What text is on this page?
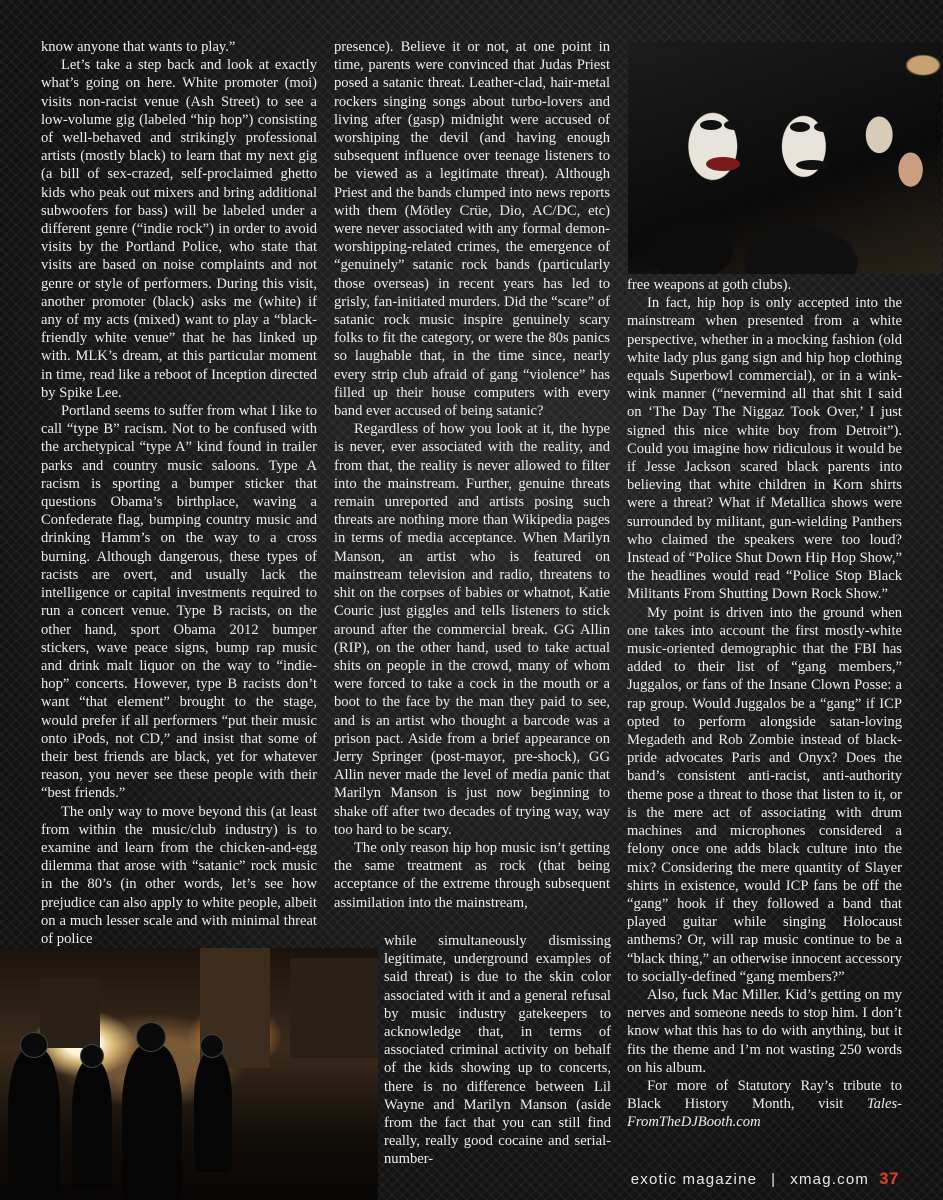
know anyone that wants to play.”

Let’s take a step back and look at exactly what’s going on here. White promoter (moi) visits non-racist venue (Ash Street) to see a low-volume gig (labeled “hip hop”) consisting of well-behaved and strikingly professional artists (mostly black) to learn that my next gig (a bill of sex-crazed, self-proclaimed ghetto kids who peak out mixers and bring additional subwoofers for bass) will be labeled under a different genre (“indie rock”) in order to avoid visits by the Portland Police, who state that visits are based on noise complaints and not genre or style of performers. During this visit, another promoter (black) asks me (white) if any of my acts (mixed) want to play a “black-friendly white venue” that he has linked up with. MLK’s dream, at this particular moment in time, read like a reboot of Inception directed by Spike Lee.

Portland seems to suffer from what I like to call “type B” racism. Not to be confused with the archetypical “type A” kind found in trailer parks and country music saloons. Type A racism is sporting a bumper sticker that questions Obama’s birthplace, waving a Confederate flag, bumping country music and drinking Hamm’s on the way to a cross burning. Although dangerous, these types of racists are overt, and usually lack the intelligence or capital investments required to run a concert venue. Type B racists, on the other hand, sport Obama 2012 bumper stickers, wave peace signs, bump rap music and drink malt liquor on the way to “indie-hop” concerts. However, type B racists don’t want “that element” brought to the stage, would prefer if all performers “put their music onto iPods, not CD,” and insist that some of their best friends are black, yet for whatever reason, you never see these people with their “best friends.”

The only way to move beyond this (at least from within the music/club industry) is to examine and learn from the chicken-and-egg dilemma that arose with “satanic” rock music in the 80’s (in other words, let’s see how prejudice can also apply to white people, albeit on a much lesser scale and with minimal threat of police

presence). Believe it or not, at one point in time, parents were convinced that Judas Priest posed a satanic threat. Leather-clad, hair-metal rockers singing songs about turbo-lovers and living after (gasp) midnight were accused of worshiping the devil (and having enough subsequent influence over teenage listeners to be viewed as a legitimate threat). Although Priest and the bands clumped into news reports with them (Mötley Crüe, Dio, AC/DC, etc) were never associated with any formal demon-worshipping-related crimes, the emergence of “genuinely” satanic rock bands (particularly those overseas) in recent years has led to grisly, fan-initiated murders. Did the “scare” of satanic rock music inspire genuinely scary folks to fit the category, or were the 80s panics so laughable that, in the time since, nearly every strip club afraid of gang “violence” has filled up their house computers with every band ever accused of being satanic?

Regardless of how you look at it, the hype is never, ever associated with the reality, and from that, the reality is never allowed to filter into the mainstream. Further, genuine threats remain unreported and artists posing such threats are nothing more than Wikipedia pages in terms of media acceptance. When Marilyn Manson, an artist who is featured on mainstream television and radio, threatens to shit on the corpses of babies or whatnot, Katie Couric just giggles and tells listeners to stick around after the commercial break. GG Allin (RIP), on the other hand, used to take actual shits on people in the crowd, many of whom were forced to take a cock in the mouth or a boot to the face by the man they paid to see, and is an artist who thought a barcode was a prison pact. Aside from a brief appearance on Jerry Springer (post-mayor, pre-shock), GG Allin never made the level of media panic that Marilyn Manson is just now beginning to shake off after two decades of trying way, way too hard to be scary.

The only reason hip hop music isn’t getting the same treatment as rock (that being acceptance of the extreme through subsequent assimilation into the mainstream,

while simultaneously dismissing legitimate, underground examples of said threat) is due to the skin color associated with it and a general refusal by music industry gatekeepers to acknowledge that, in terms of associated criminal activity on behalf of the kids showing up to concerts, there is no difference between Lil Wayne and Marilyn Manson (aside from the fact that you can still find really, really good cocaine and serial-number-

free weapons at goth clubs).

In fact, hip hop is only accepted into the mainstream when presented from a white perspective, whether in a mocking fashion (old white lady plus gang sign and hip hop clothing equals Superbowl commercial), or in a wink-wink manner (“nevermind all that shit I said on ‘The Day The Niggaz Took Over,’ I just signed this nice white boy from Detroit”). Could you imagine how ridiculous it would be if Jesse Jackson scared black parents into believing that white children in Korn shirts were a threat? What if Metallica shows were surrounded by militant, gun-wielding Panthers who claimed the speakers were too loud? Instead of “Police Shut Down Hip Hop Show,” the headlines would read “Police Stop Black Militants From Shutting Down Rock Show.”

My point is driven into the ground when one takes into account the first mostly-white music-oriented demographic that the FBI has added to their list of “gang members,” Juggalos, or fans of the Insane Clown Posse: a rap group. Would Juggalos be a “gang” if ICP opted to perform alongside satan-loving Megadeth and Rob Zombie instead of black-pride advocates Paris and Onyx? Does the band’s consistent anti-racist, anti-authority theme pose a threat to those that listen to it, or is the mere act of associating with drum machines and microphones considered a felony once one adds black culture into the mix? Considering the mere quantity of Slayer shirts in existence, would ICP fans be off the “gang” hook if they followed a band that played guitar while singing Holocaust anthems? Or, will rap music continue to be a “black thing,” an otherwise innocent accessory to socially-defined “gang members?”

Also, fuck Mac Miller. Kid’s getting on my nerves and someone needs to stop him. I don’t know what this has to do with anything, but it fits the theme and I’m not wasting 250 words on his album.

For more of Statutory Ray’s tribute to Black History Month, visit Tales-FromTheDJBooth.com

exotic magazine | xmag.com 37
